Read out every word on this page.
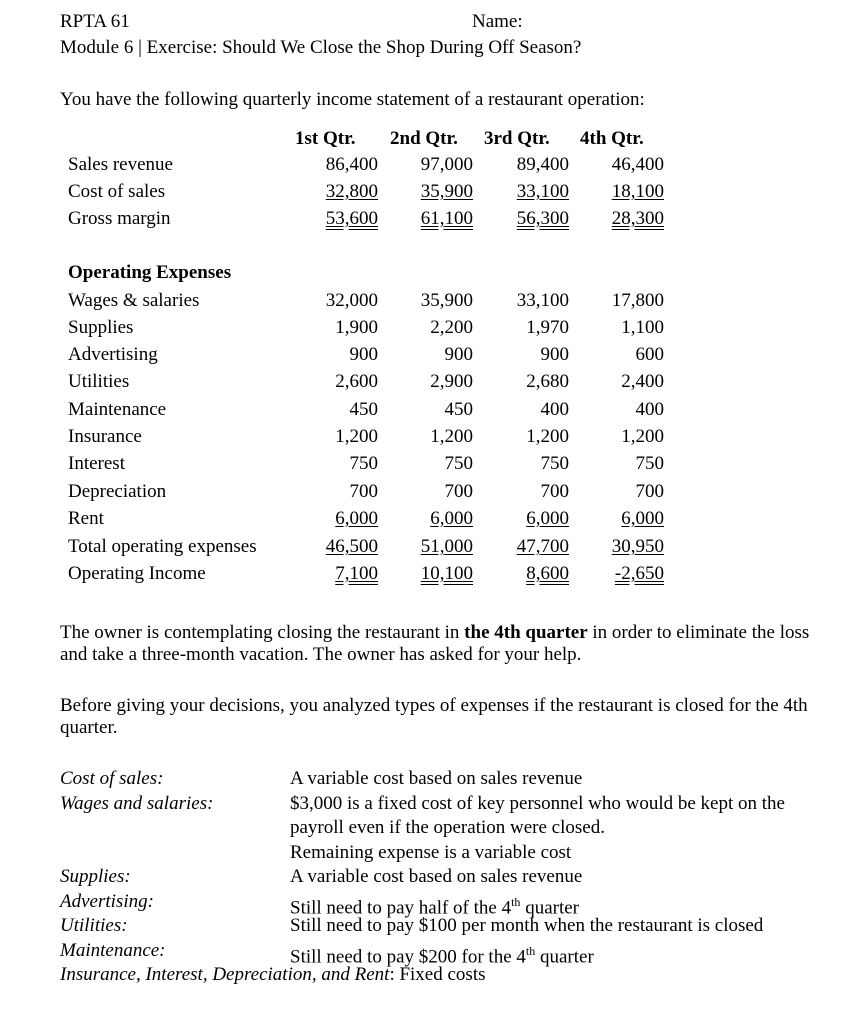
RPTA 61	Name:
Module 6 | Exercise: Should We Close the Shop During Off Season?
You have the following quarterly income statement of a restaurant operation:
1st Qtr. 2nd Qtr. 3rd Qtr. 4th Qtr.
Sales revenue	86,400 97,000 89,400 46,400
Cost of sales	32,800 35,900 33,100 18,100
Gross margin	53,600 61,100 56,300 28,300
Operating Expenses
Wages & salaries	32,000 35,900 33,100 17,800
Supplies	1,900	2,200	1,970	1,100
Advertising	900	900	900	600
Utilities	2,600	2,900	2,680	2,400
Maintenance	450	450	400	400
Insurance	1,200	1,200	1,200	1,200
Interest	750	750	750	750
Depreciation	700	700	700	700
Rent	6,000	6,000	6,000	6,000
Total operating expenses	46,500 51,000 47,700 30,950
Operating Income	7,100 10,100	8,600 -2,650
The owner is contemplating closing the restaurant in the 4th quarter in order to eliminate the loss and take a three-month vacation. The owner has asked for your help.
Before giving your decisions, you analyzed types of expenses if the restaurant is closed for the 4th quarter.
Cost of sales:	A variable cost based on sales revenue
Wages and salaries:	$3,000 is a fixed cost of key personnel who would be kept on the
payroll even if the operation were closed.
Remaining expense is a variable cost
Supplies:	A variable cost based on sales revenue
Advertising:	Still need to pay half of the 4th quarter
Utilities:	Still need to pay $100 per month when the restaurant is closed
Maintenance:	Still need to pay $200 for the 4th quarter
Insurance, Interest, Depreciation, and Rent: Fixed costs
